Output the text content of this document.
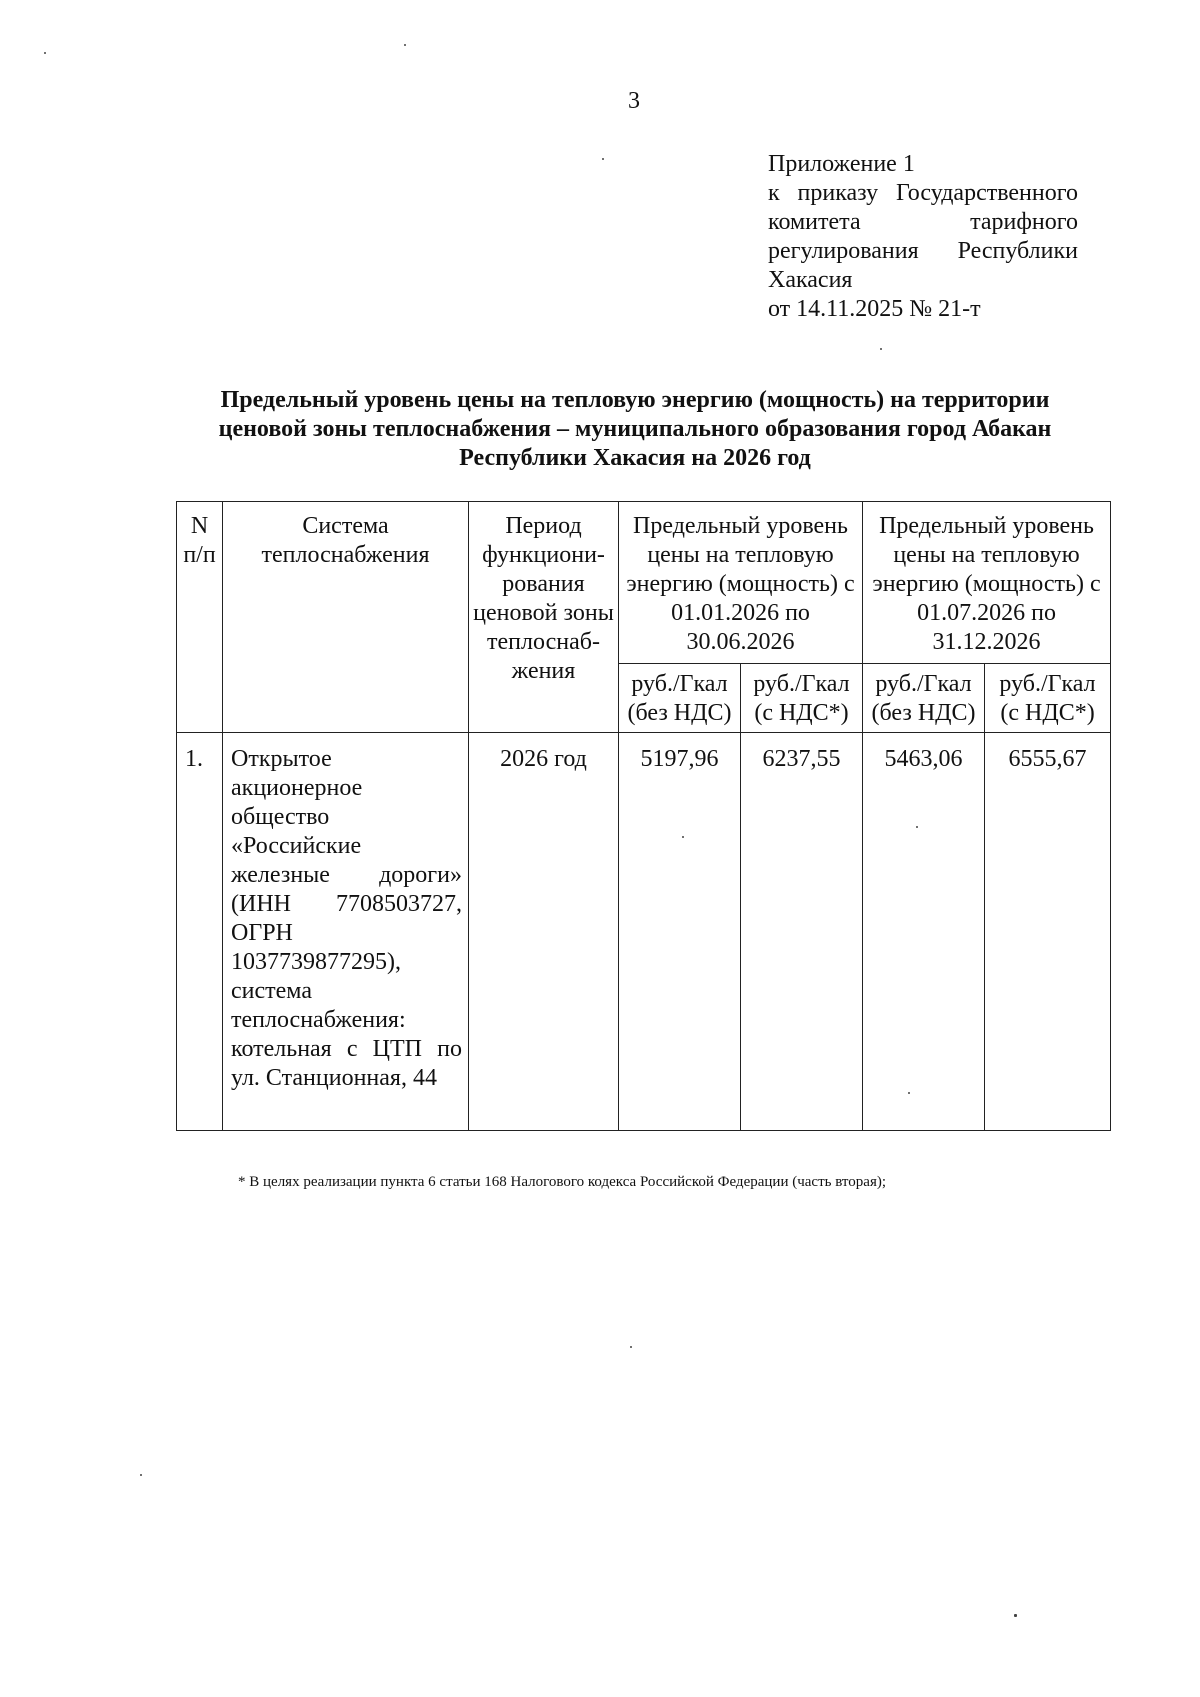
3
Приложение 1
к приказу Государственного
комитета тарифного
регулирования Республики
Хакасия
от 14.11.2025 № 21-т
Предельный уровень цены на тепловую энергию (мощность) на территории
ценовой зоны теплоснабжения – муниципального образования город Абакан
Республики Хакасия на 2026 год
N п/п	Система теплоснабжения	Период функциони-рования ценовой зоны теплоснаб-жения	Предельный уровень цены на тепловую энергию (мощность) с 01.01.2026 по 30.06.2026		Предельный уровень цены на тепловую энергию (мощность) с 01.07.2026 по 31.12.2026	
			руб./Гкал (без НДС)	руб./Гкал (с НДС*)	руб./Гкал (без НДС)	руб./Гкал (с НДС*)
1.	Открытое акционерное общество «Российские железные дороги» (ИНН 7708503727, ОГРН 1037739877295), система теплоснабжения: котельная с ЦТП по ул. Станционная, 44	2026 год	5197,96	6237,55	5463,06	6555,67
* В целях реализации пункта 6 статьи 168 Налогового кодекса Российской Федерации (часть вторая);
